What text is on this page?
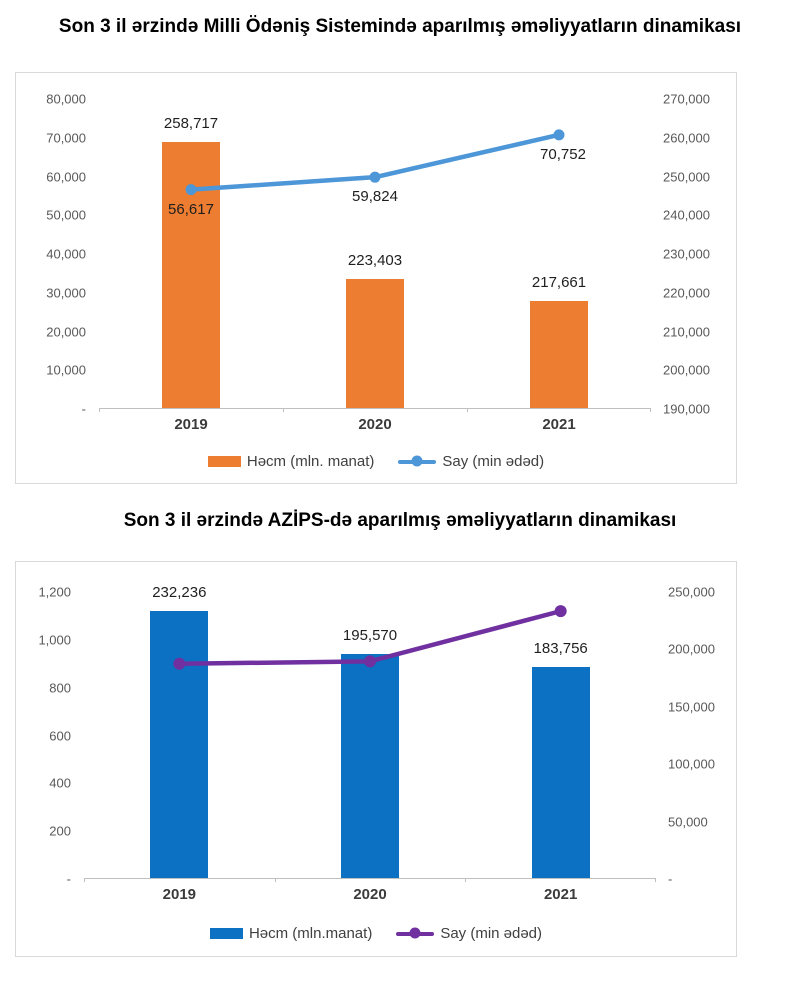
Son 3 il ərzində Milli Ödəniş Sistemində aparılmış əməliyyatların dinamikası
80,000
70,000
60,000
50,000
40,000
30,000
20,000
10,000
-
258,717
223,403
217,661
56,617
59,824
70,752
270,000
260,000
250,000
240,000
230,000
220,000
210,000
200,000
190,000
2019	2020	2021
Həcm (mln. manat)	Say (min ədəd)
Son 3 il ərzində AZİPS-də aparılmış əməliyyatların dinamikası
1,200
1,000
800
600
400
200
-
232,236
195,570
183,756
250,000
200,000
150,000
100,000
50,000
-
2019	2020	2021
Həcm (mln.manat)	Say (min ədəd)
